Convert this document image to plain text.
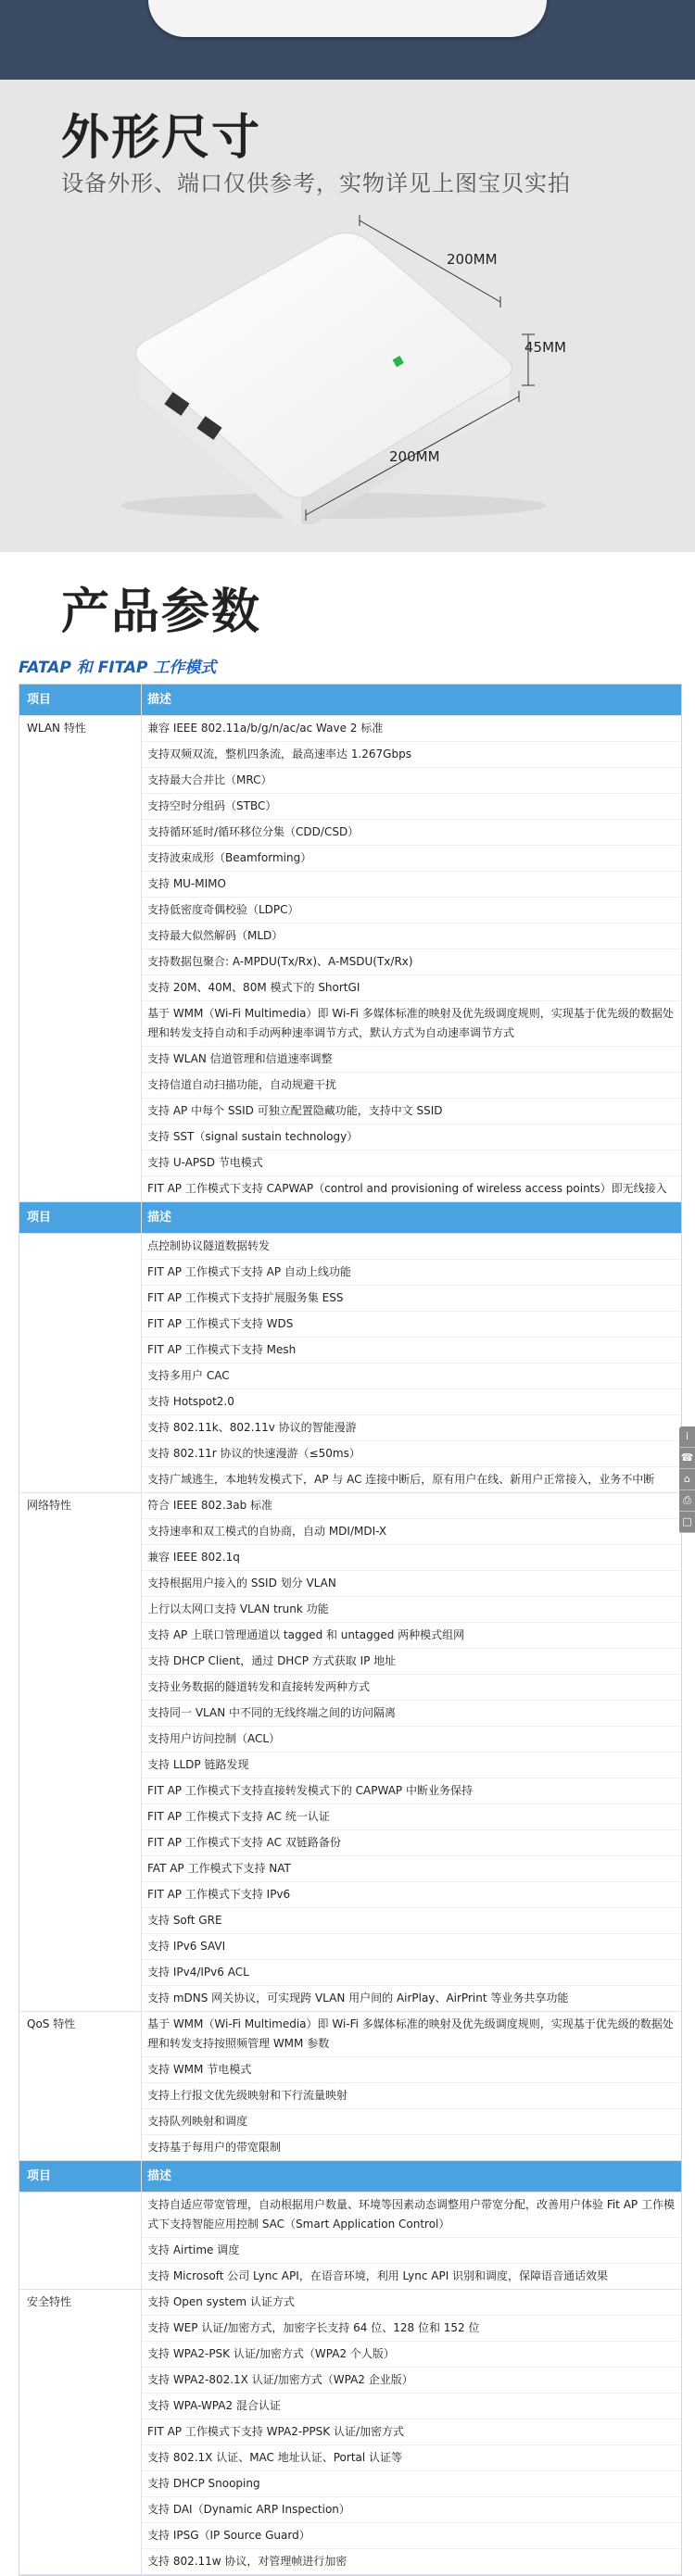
外形尺寸
设备外形、端口仅供参考，实物详见上图宝贝实拍
200MM
45MM
200MM
产品参数
FATAP 和 FITAP 工作模式
项目	描述
WLAN 特性	兼容 IEEE 802.11a/b/g/n/ac/ac Wave 2 标准
支持双频双流，整机四条流，最高速率达 1.267Gbps
支持最大合并比（MRC）
支持空时分组码（STBC）
支持循环延时/循环移位分集（CDD/CSD）
支持波束成形（Beamforming）
支持 MU-MIMO
支持低密度奇偶校验（LDPC）
支持最大似然解码（MLD）
支持数据包聚合: A-MPDU(Tx/Rx)、A-MSDU(Tx/Rx)
支持 20M、40M、80M 模式下的 ShortGI
基于 WMM（Wi-Fi Multimedia）即 Wi-Fi 多媒体标准的映射及优先级调度规则，实现基于优先级的数据处理和转发支持自动和手动两种速率调节方式，默认方式为自动速率调节方式
支持 WLAN 信道管理和信道速率调整
支持信道自动扫描功能，自动规避干扰
支持 AP 中每个 SSID 可独立配置隐藏功能，支持中文 SSID
支持 SST（signal sustain technology）
支持 U-APSD 节电模式
FIT AP 工作模式下支持 CAPWAP（control and provisioning of wireless access points）即无线接入
项目	描述
点控制协议隧道数据转发
FIT AP 工作模式下支持 AP 自动上线功能
FIT AP 工作模式下支持扩展服务集 ESS
FIT AP 工作模式下支持 WDS
FIT AP 工作模式下支持 Mesh
支持多用户 CAC
支持 Hotspot2.0
支持 802.11k、802.11v 协议的智能漫游
支持 802.11r 协议的快速漫游（≤50ms）
支持广域逃生，本地转发模式下，AP 与 AC 连接中断后，原有用户在线、新用户正常接入，业务不中断
网络特性	符合 IEEE 802.3ab 标准
支持速率和双工模式的自协商，自动 MDI/MDI-X
兼容 IEEE 802.1q
支持根据用户接入的 SSID 划分 VLAN
上行以太网口支持 VLAN trunk 功能
支持 AP 上联口管理通道以 tagged 和 untagged 两种模式组网
支持 DHCP Client，通过 DHCP 方式获取 IP 地址
支持业务数据的隧道转发和直接转发两种方式
支持同一 VLAN 中不同的无线终端之间的访问隔离
支持用户访问控制（ACL）
支持 LLDP 链路发现
FIT AP 工作模式下支持直接转发模式下的 CAPWAP 中断业务保持
FIT AP 工作模式下支持 AC 统一认证
FIT AP 工作模式下支持 AC 双链路备份
FAT AP 工作模式下支持 NAT
FIT AP 工作模式下支持 IPv6
支持 Soft GRE
支持 IPv6 SAVI
支持 IPv4/IPv6 ACL
支持 mDNS 网关协议，可实现跨 VLAN 用户间的 AirPlay、AirPrint 等业务共享功能
QoS 特性	基于 WMM（Wi-Fi Multimedia）即 Wi-Fi 多媒体标准的映射及优先级调度规则，实现基于优先级的数据处理和转发支持按照频管理 WMM 参数
支持 WMM 节电模式
支持上行报文优先级映射和下行流量映射
支持队列映射和调度
支持基于每用户的带宽限制
项目	描述
支持自适应带宽管理，自动根据用户数量、环境等因素动态调整用户带宽分配，改善用户体验 Fit AP 工作模式下支持智能应用控制 SAC（Smart Application Control）
支持 Airtime 调度
支持 Microsoft 公司 Lync API，在语音环境，利用 Lync API 识别和调度，保障语音通话效果
安全特性	支持 Open system 认证方式
支持 WEP 认证/加密方式，加密字长支持 64 位、128 位和 152 位
支持 WPA2-PSK 认证/加密方式（WPA2 个人版）
支持 WPA2-802.1X 认证/加密方式（WPA2 企业版）
支持 WPA-WPA2 混合认证
FIT AP 工作模式下支持 WPA2-PPSK 认证/加密方式
支持 802.1X 认证、MAC 地址认证、Portal 认证等
支持 DHCP Snooping
支持 DAI（Dynamic ARP Inspection）
支持 IPSG（IP Source Guard）
支持 802.11w 协议，对管理帧进行加密
i
☎
⌂
⎙
□
